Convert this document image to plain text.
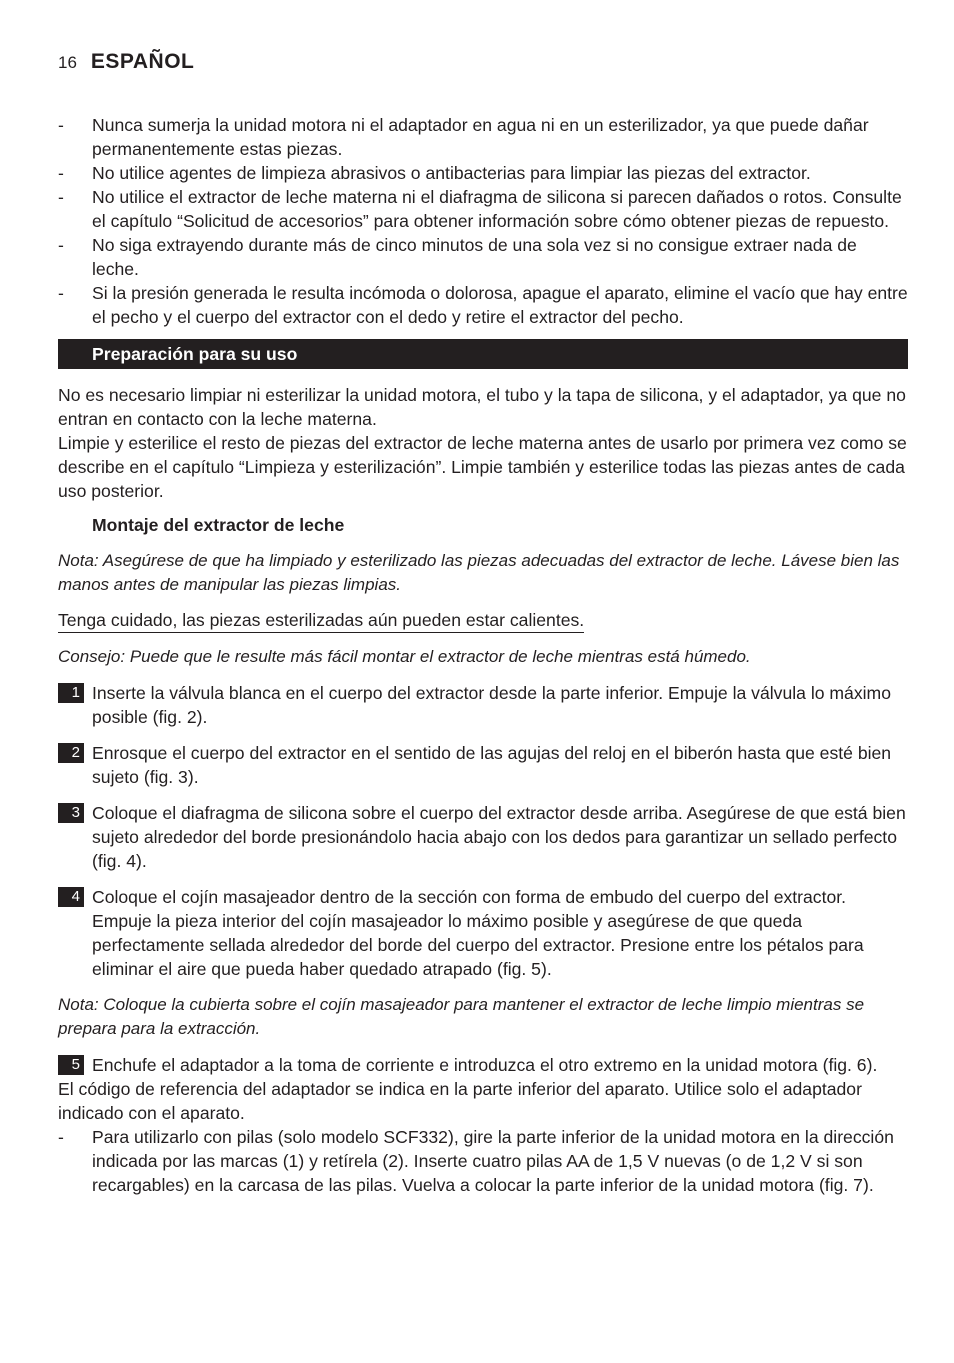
16 ESPAÑOL
-	Nunca sumerja la unidad motora ni el adaptador en agua ni en un esterilizador, ya que puede dañar permanentemente estas piezas.
-	No utilice agentes de limpieza abrasivos o antibacterias para limpiar las piezas del extractor.
-	No utilice el extractor de leche materna ni el diafragma de silicona si parecen dañados o rotos. Consulte el capítulo “Solicitud de accesorios” para obtener información sobre cómo obtener piezas de repuesto.
-	No siga extrayendo durante más de cinco minutos de una sola vez si no consigue extraer nada de leche.
-	Si la presión generada le resulta incómoda o dolorosa, apague el aparato, elimine el vacío que hay entre el pecho y el cuerpo del extractor con el dedo y retire el extractor del pecho.
Preparación para su uso

No es necesario limpiar ni esterilizar la unidad motora, el tubo y la tapa de silicona, y el adaptador, ya que no entran en contacto con la leche materna.

Limpie y esterilice el resto de piezas del extractor de leche materna antes de usarlo por primera vez como se describe en el capítulo “Limpieza y esterilización”. Limpie también y esterilice todas las piezas antes de cada uso posterior.

Montaje del extractor de leche

Nota: Asegúrese de que ha limpiado y esterilizado las piezas adecuadas del extractor de leche. Lávese bien las manos antes de manipular las piezas limpias.

Tenga cuidado, las piezas esterilizadas aún pueden estar calientes.

Consejo: Puede que le resulte más fácil montar el extractor de leche mientras está húmedo.

1 Inserte la válvula blanca en el cuerpo del extractor desde la parte inferior. Empuje la válvula lo máximo posible (fig. 2).
2 Enrosque el cuerpo del extractor en el sentido de las agujas del reloj en el biberón hasta que esté bien sujeto (fig. 3).
3 Coloque el diafragma de silicona sobre el cuerpo del extractor desde arriba. Asegúrese de que está bien sujeto alrededor del borde presionándolo hacia abajo con los dedos para garantizar un sellado perfecto (fig. 4).
4 Coloque el cojín masajeador dentro de la sección con forma de embudo del cuerpo del extractor. Empuje la pieza interior del cojín masajeador lo máximo posible y asegúrese de que queda perfectamente sellada alrededor del borde del cuerpo del extractor. Presione entre los pétalos para eliminar el aire que pueda haber quedado atrapado (fig. 5).

Nota: Coloque la cubierta sobre el cojín masajeador para mantener el extractor de leche limpio mientras se prepara para la extracción.

5 Enchufe el adaptador a la toma de corriente e introduzca el otro extremo en la unidad motora (fig. 6).

El código de referencia del adaptador se indica en la parte inferior del aparato. Utilice solo el adaptador indicado con el aparato.

-	Para utilizarlo con pilas (solo modelo SCF332), gire la parte inferior de la unidad motora en la dirección indicada por las marcas (1) y retírela (2). Inserte cuatro pilas AA de 1,5 V nuevas (o de 1,2 V si son recargables) en la carcasa de las pilas. Vuelva a colocar la parte inferior de la unidad motora (fig. 7).
